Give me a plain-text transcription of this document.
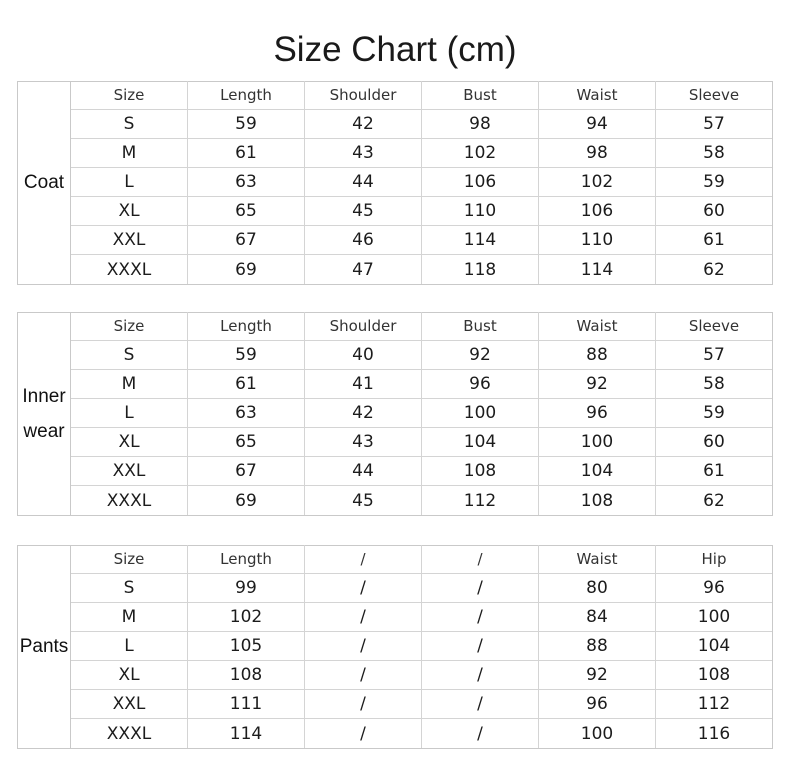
Size Chart (cm)
Coat
Size	Length	Shoulder	Bust	Waist	Sleeve
S	59	42	98	94	57
M	61	43	102	98	58
L	63	44	106	102	59
XL	65	45	110	106	60
XXL	67	46	114	110	61
XXXL	69	47	118	114	62
Inner
wear
Size	Length	Shoulder	Bust	Waist	Sleeve
S	59	40	92	88	57
M	61	41	96	92	58
L	63	42	100	96	59
XL	65	43	104	100	60
XXL	67	44	108	104	61
XXXL	69	45	112	108	62
Pants
Size	Length	/	/	Waist	Hip
S	99	/	/	80	96
M	102	/	/	84	100
L	105	/	/	88	104
XL	108	/	/	92	108
XXL	111	/	/	96	112
XXXL	114	/	/	100	116
